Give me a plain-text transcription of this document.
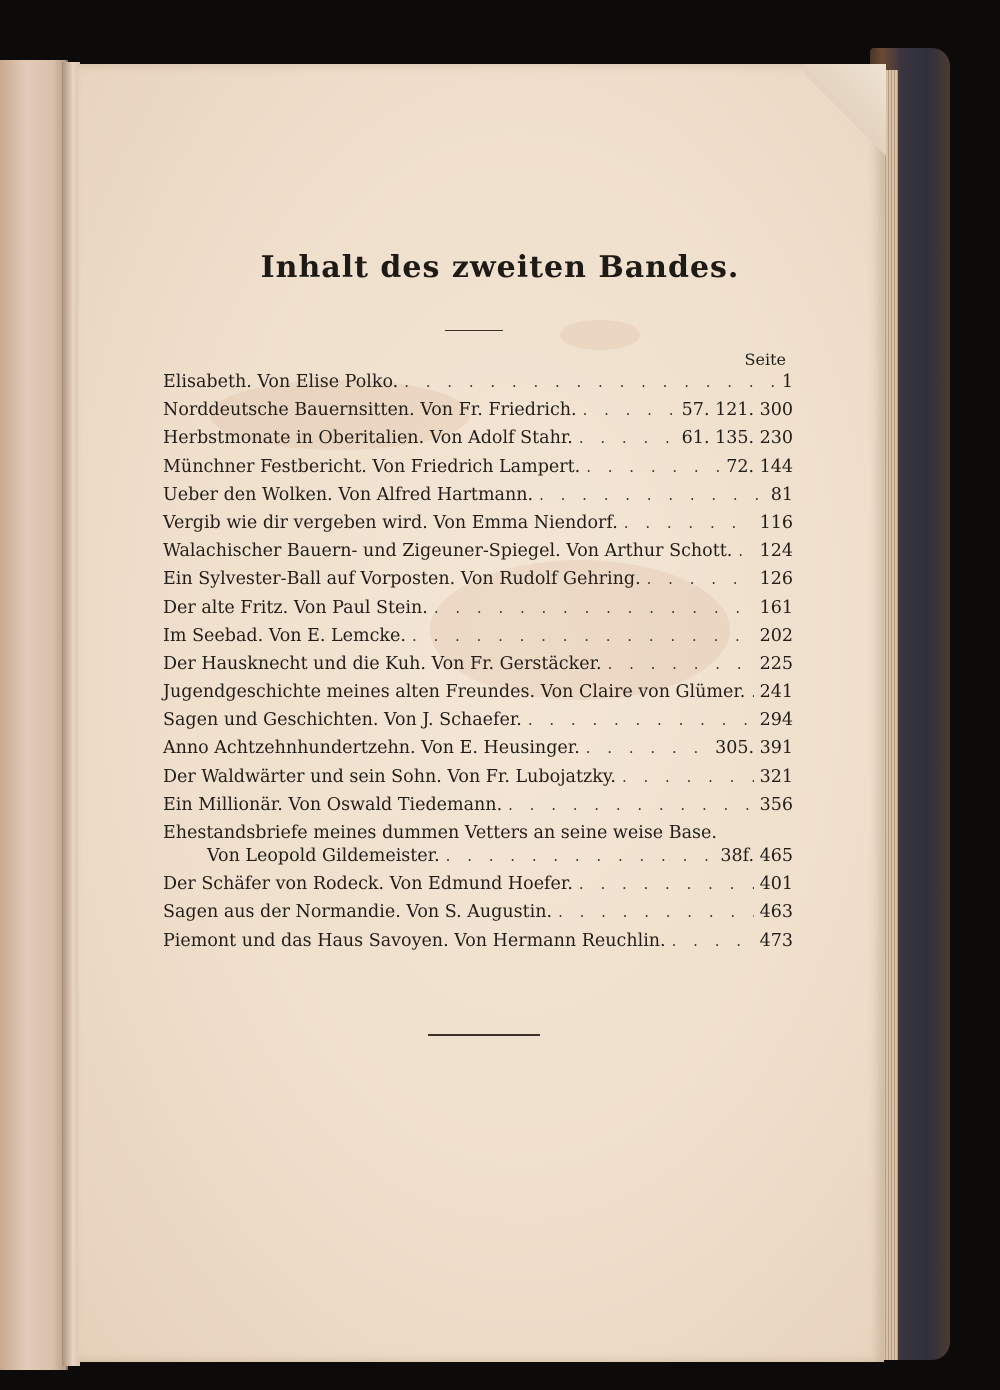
Inhalt des zweiten Bandes.
Seite
Elisabeth. Von Elise Polko. . . .	1
Norddeutsche Bauernsitten. Von Fr. Friedrich. . . .	57. 121. 300
Herbstmonate in Oberitalien. Von Adolf Stahr. . . .	61. 135. 230
Münchner Festbericht. Von Friedrich Lampert. . . .	72. 144
Ueber den Wolken. Von Alfred Hartmann. . . .	81
Vergib wie dir vergeben wird. Von Emma Niendorf. . . .	116
Walachischer Bauern- und Zigeuner-Spiegel. Von Arthur Schott. . . . 124
Ein Sylvester-Ball auf Vorposten. Von Rudolf Gehring. . . .	126
Der alte Fritz. Von Paul Stein. . . .	161
Im Seebad. Von E. Lemcke. . . .	202
Der Hausknecht und die Kuh. Von Fr. Gerstäcker. . . .	225
Jugendgeschichte meines alten Freundes. Von Claire von Glümer. . . . 241
Sagen und Geschichten. Von J. Schaefer. . . .	294
Anno Achtzehnhundertzehn. Von E. Heusinger. . . .	305. 391
Der Waldwärter und sein Sohn. Von Fr. Lubojatzky. . . .	321
Ein Millionär. Von Oswald Tiedemann. . . .	356
Ehestandsbriefe meines dummen Vetters an seine weise Base.
Von Leopold Gildemeister. . . .	38f. 465
Der Schäfer von Rodeck. Von Edmund Hoefer. . . .	401
Sagen aus der Normandie. Von S. Augustin. . . .	463
Piemont und das Haus Savoyen. Von Hermann Reuchlin. . . .	473
